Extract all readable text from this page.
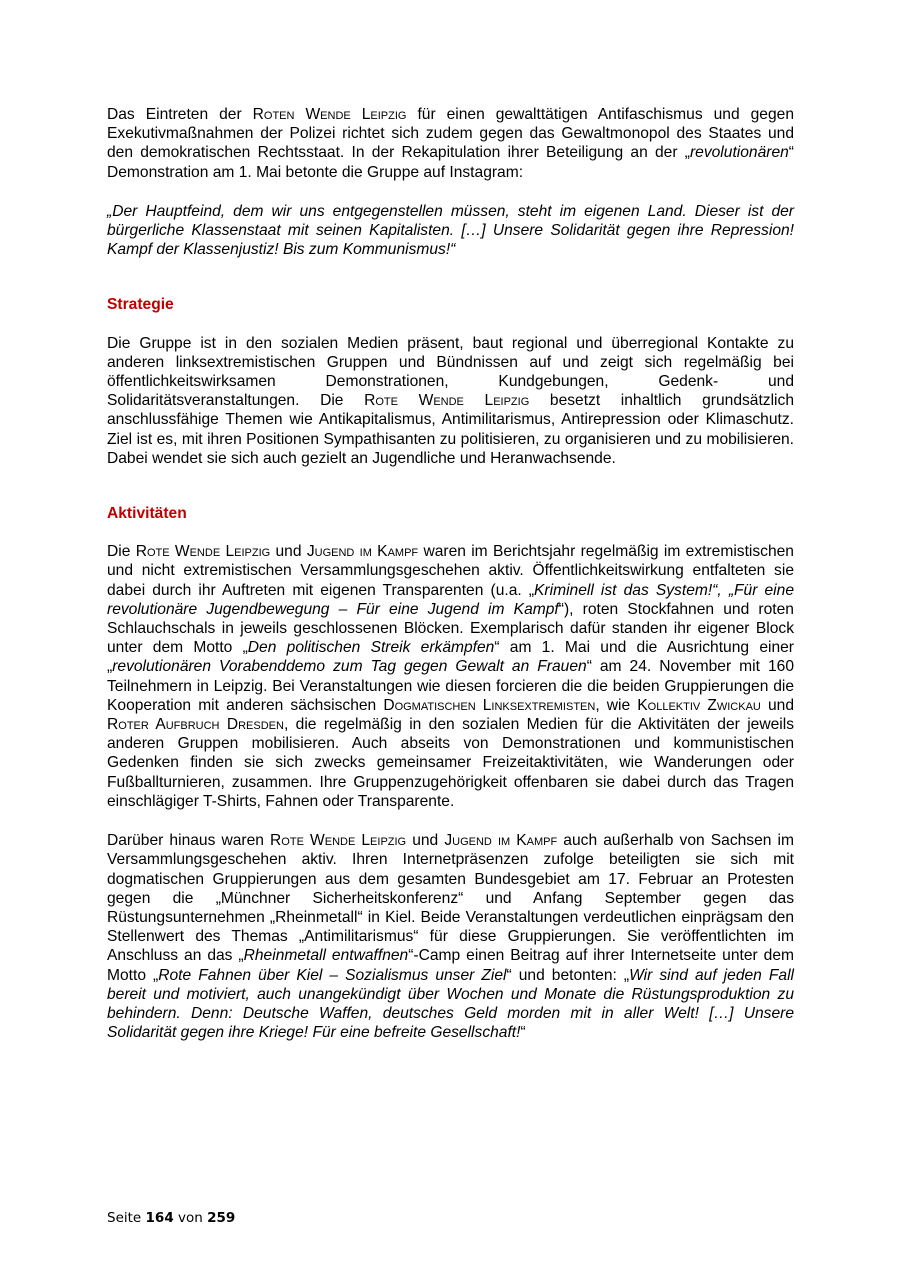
Das Eintreten der Roten Wende Leipzig für einen gewalttätigen Antifaschismus und gegen Exekutivmaßnahmen der Polizei richtet sich zudem gegen das Gewaltmonopol des Staates und den demokratischen Rechtsstaat. In der Rekapitulation ihrer Beteiligung an der „revolutionären“ Demonstration am 1. Mai betonte die Gruppe auf Instagram:

„Der Hauptfeind, dem wir uns entgegenstellen müssen, steht im eigenen Land. Dieser ist der bürgerliche Klassenstaat mit seinen Kapitalisten. […] Unsere Solidarität gegen ihre Repression! Kampf der Klassenjustiz! Bis zum Kommunismus!“

Strategie

Die Gruppe ist in den sozialen Medien präsent, baut regional und überregional Kontakte zu anderen linksextremistischen Gruppen und Bündnissen auf und zeigt sich regelmäßig bei öffentlichkeitswirksamen Demonstrationen, Kundgebungen, Gedenk- und Solidaritätsveranstaltungen. Die Rote Wende Leipzig besetzt inhaltlich grundsätzlich anschlussfähige Themen wie Antikapitalismus, Antimilitarismus, Antirepression oder Klimaschutz. Ziel ist es, mit ihren Positionen Sympathisanten zu politisieren, zu organisieren und zu mobilisieren. Dabei wendet sie sich auch gezielt an Jugendliche und Heranwachsende.

Aktivitäten

Die Rote Wende Leipzig und Jugend im Kampf waren im Berichtsjahr regelmäßig im extremistischen und nicht extremistischen Versammlungsgeschehen aktiv. Öffentlichkeitswirkung entfalteten sie dabei durch ihr Auftreten mit eigenen Transparenten (u.a. „Kriminell ist das System!“, „Für eine revolutionäre Jugendbewegung – Für eine Jugend im Kampf“), roten Stockfahnen und roten Schlauchschals in jeweils geschlossenen Blöcken. Exemplarisch dafür standen ihr eigener Block unter dem Motto „Den politischen Streik erkämpfen“ am 1. Mai und die Ausrichtung einer „revolutionären Vorabenddemo zum Tag gegen Gewalt an Frauen“ am 24. November mit 160 Teilnehmern in Leipzig. Bei Veranstaltungen wie diesen forcieren die die beiden Gruppierungen die Kooperation mit anderen sächsischen Dogmatischen Linksextremisten, wie Kollektiv Zwickau und Roter Aufbruch Dresden, die regelmäßig in den sozialen Medien für die Aktivitäten der jeweils anderen Gruppen mobilisieren. Auch abseits von Demonstrationen und kommunistischen Gedenken finden sie sich zwecks gemeinsamer Freizeitaktivitäten, wie Wanderungen oder Fußballturnieren, zusammen. Ihre Gruppenzugehörigkeit offenbaren sie dabei durch das Tragen einschlägiger T-Shirts, Fahnen oder Transparente.

Darüber hinaus waren Rote Wende Leipzig und Jugend im Kampf auch außerhalb von Sachsen im Versammlungsgeschehen aktiv. Ihren Internetpräsenzen zufolge beteiligten sie sich mit dogmatischen Gruppierungen aus dem gesamten Bundesgebiet am 17. Februar an Protesten gegen die „Münchner Sicherheitskonferenz“ und Anfang September gegen das Rüstungsunternehmen „Rheinmetall“ in Kiel. Beide Veranstaltungen verdeutlichen einprägsam den Stellenwert des Themas „Antimilitarismus“ für diese Gruppierungen. Sie veröffentlichten im Anschluss an das „Rheinmetall entwaffnen“-Camp einen Beitrag auf ihrer Internetseite unter dem Motto „Rote Fahnen über Kiel – Sozialismus unser Ziel“ und betonten: „Wir sind auf jeden Fall bereit und motiviert, auch unangekündigt über Wochen und Monate die Rüstungsproduktion zu behindern. Denn: Deutsche Waffen, deutsches Geld morden mit in aller Welt! […] Unsere Solidarität gegen ihre Kriege! Für eine befreite Gesellschaft!“

Seite 164 von 259
